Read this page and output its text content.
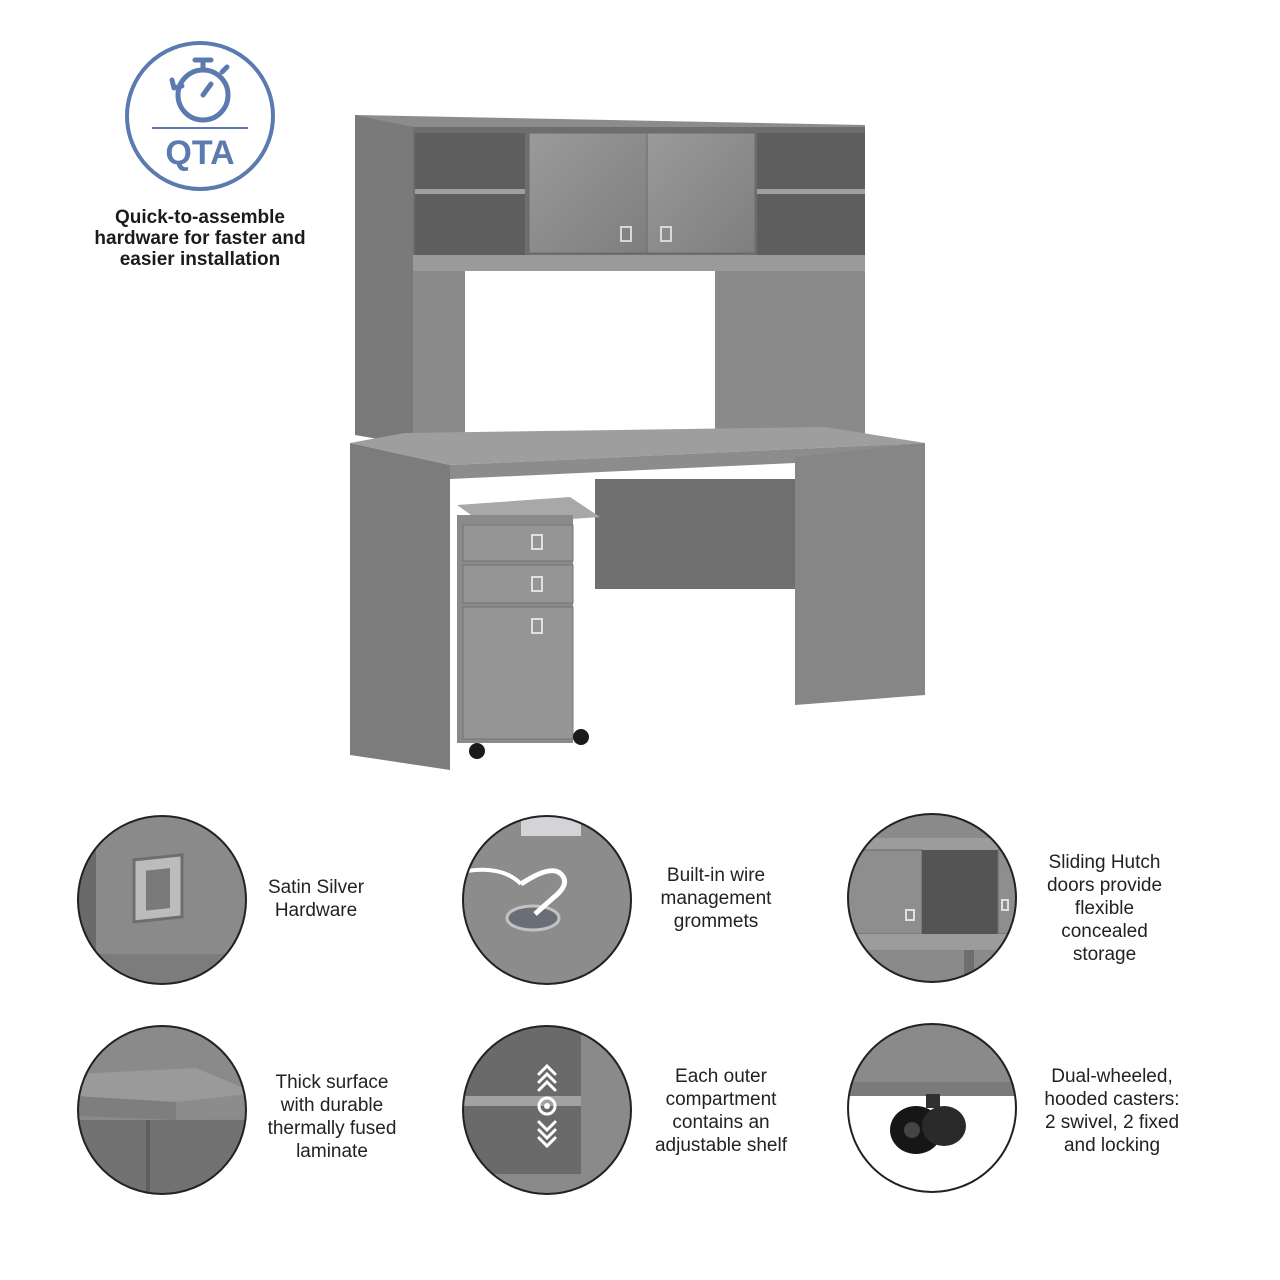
QTA
Quick-to-assemble
hardware for faster and
easier installation
Satin Silver
Hardware
Built-in wire
management
grommets
Sliding Hutch
doors provide
flexible
concealed
storage
Thick surface
with durable
thermally fused
laminate
Each outer
compartment
contains an
adjustable shelf
Dual-wheeled,
hooded casters:
2 swivel, 2 fixed
and locking
